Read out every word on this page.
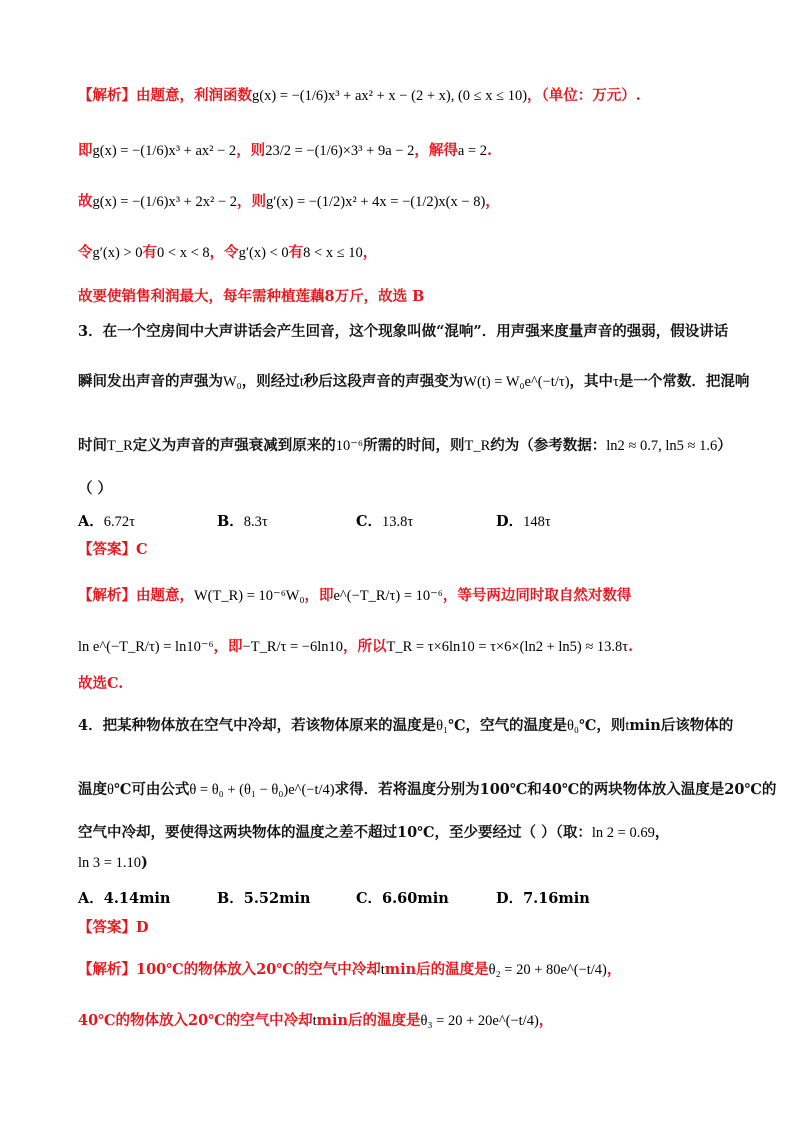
【解析】由题意，利润函数g(x) = −(1/6)x³ + ax² + x − (2 + x), (0 ≤ x ≤ 10)，（单位：万元）.
即g(x) = −(1/6)x³ + ax² − 2，则23/2 = −(1/6)×3³ + 9a − 2，解得a = 2.
故g(x) = −(1/6)x³ + 2x² − 2，则g′(x) = −(1/2)x² + 4x = −(1/2)x(x − 8)，
令g′(x) > 0有0 < x < 8，令g′(x) < 0有8 < x ≤ 10，
故要使销售利润最大，每年需种植莲藕8万斤，故选 B
3．在一个空房间中大声讲话会产生回音，这个现象叫做“混响”．用声强来度量声音的强弱，假设讲话
瞬间发出声音的声强为W₀，则经过t秒后这段声音的声强变为W(t) = W₀e^(−t/τ)，其中τ是一个常数．把混响
时间T_R定义为声音的声强衰减到原来的10⁻⁶所需的时间，则T_R约为（参考数据：ln2 ≈ 0.7, ln5 ≈ 1.6）
（ ）
A．6.72τ	B．8.3τ	C．13.8τ	D．148τ
【答案】C
【解析】由题意，W(T_R) = 10⁻⁶W₀，即e^(−T_R/τ) = 10⁻⁶，等号两边同时取自然对数得
ln e^(−T_R/τ) = ln10⁻⁶，即−T_R/τ = −6ln10，所以T_R = τ×6ln10 = τ×6×(ln2 + ln5) ≈ 13.8τ.
故选C.
4．把某种物体放在空气中冷却，若该物体原来的温度是θ₁℃，空气的温度是θ₀℃，则tmin后该物体的
温度θ℃可由公式θ = θ₀ + (θ₁ − θ₀)e^(−t/4)求得．若将温度分别为100℃和40℃的两块物体放入温度是20℃的
空气中冷却，要使得这两块物体的温度之差不超过10℃，至少要经过（ ）（取：ln 2 = 0.69，
ln 3 = 1.10)
A．4.14min	B．5.52min	C．6.60min	D．7.16min
【答案】D
【解析】100℃的物体放入20℃的空气中冷却tmin后的温度是θ₂ = 20 + 80e^(−t/4)，
40℃的物体放入20℃的空气中冷却tmin后的温度是θ₃ = 20 + 20e^(−t/4)，
